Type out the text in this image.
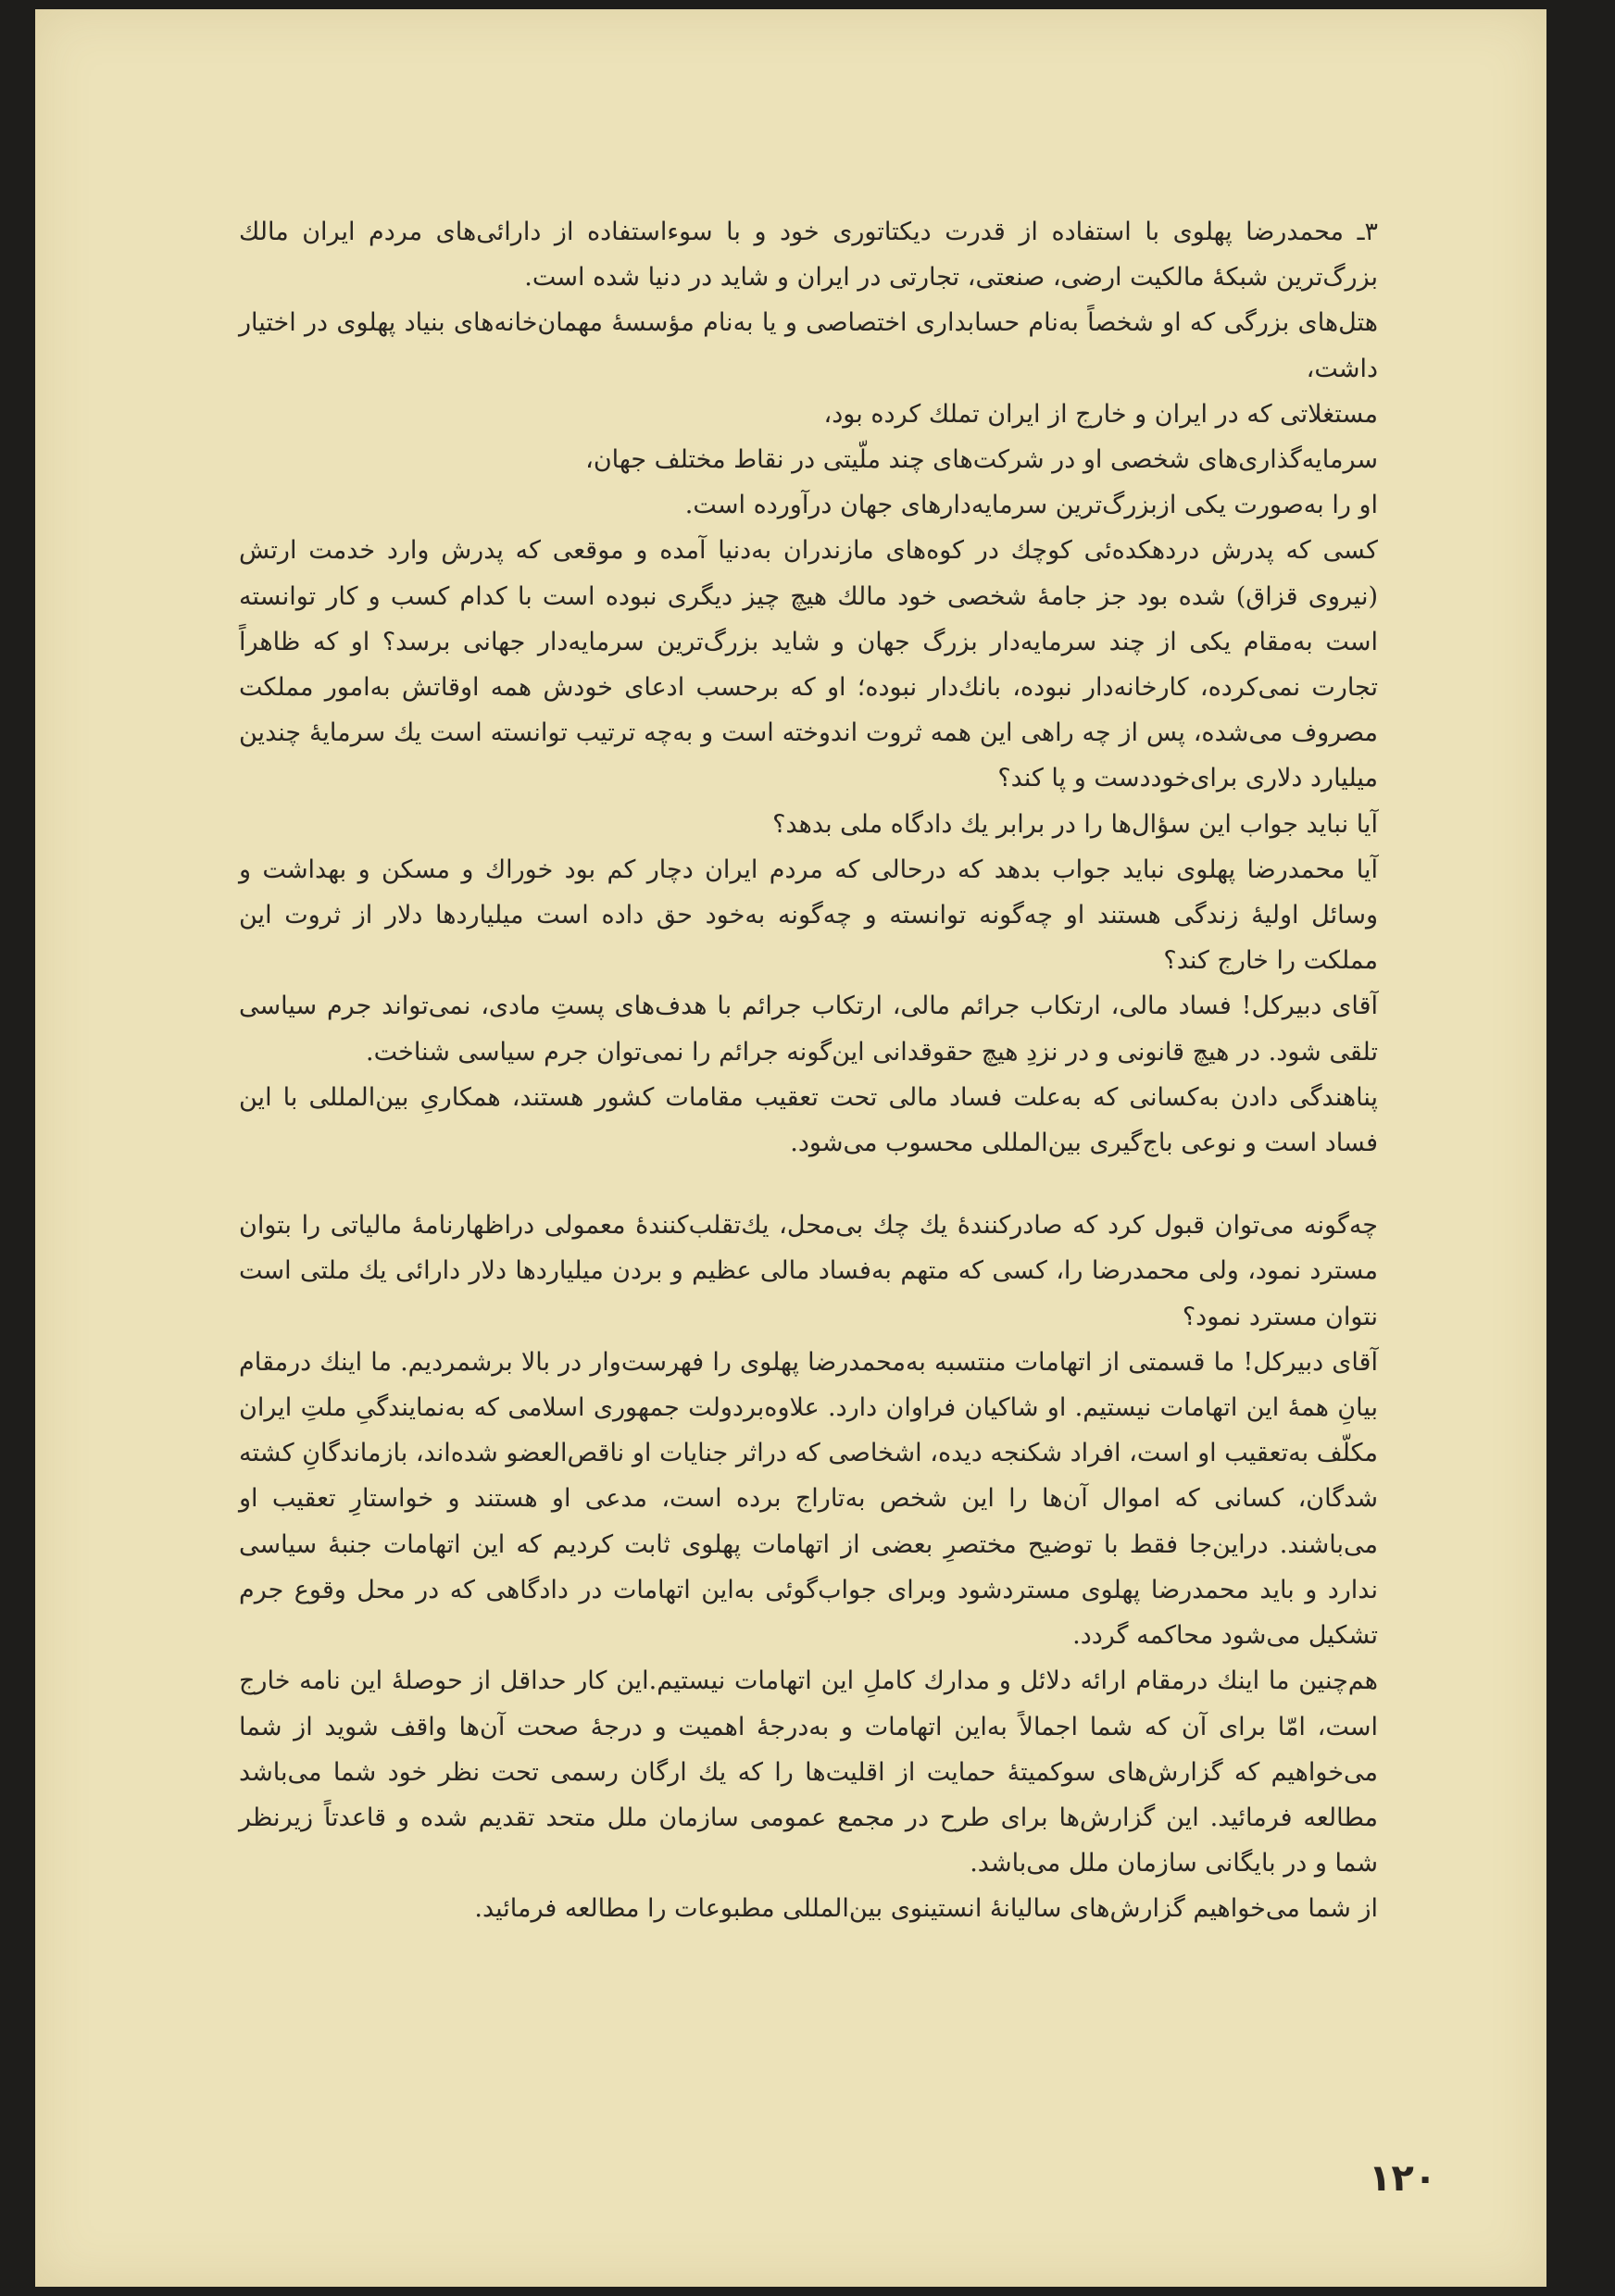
۳ـ محمدرضا پهلوی با استفاده از قدرت دیکتاتوری خود و با سوءاستفاده از دارائی‌های مردم ایران مالك بزرگ‌ترین شبکهٔ مالکیت ارضی، صنعتی، تجارتی در ایران و شاید در دنیا شده است.

هتل‌های بزرگی که او شخصاً به‌نام حسابداری اختصاصی و یا به‌نام مؤسسهٔ مهمان‌خانه‌های بنیاد پهلوی در اختیار داشت،

مستغلاتی که در ایران و خارج از ایران تملك کرده بود،

سرمایه‌گذاری‌های شخصی او در شرکت‌های چند ملّیتی در نقاط مختلف جهان،

او را به‌صورت یکی ازبزرگ‌ترین سرمایه‌دارهای جهان درآورده است.

کسی که پدرش دردهکده‌ئی کوچك در کوه‌های مازندران به‌دنیا آمده و موقعی که پدرش وارد خدمت ارتش (نیروی قزاق) شده بود جز جامهٔ شخصی خود مالك هیچ چیز دیگری نبوده است با کدام کسب و کار توانسته است به‌مقام یکی از چند سرمایه‌دار بزرگ جهان و شاید بزرگ‌ترین سرمایه‌دار جهانی برسد؟ او که ظاهراً تجارت نمی‌کرده، کارخانه‌دار نبوده، بانك‌دار نبوده؛ او که برحسب ادعای خودش همه اوقاتش به‌امور مملکت مصروف می‌شده، پس از چه راهی این همه ثروت اندوخته است و به‌چه ترتیب توانسته است یك سرمایهٔ چندین میلیارد دلاری برای‌خوددست و پا کند؟

آیا نباید جواب این سؤال‌ها را در برابر یك دادگاه ملی بدهد؟

آیا محمدرضا پهلوی نباید جواب بدهد که درحالی که مردم ایران دچار کم بود خوراك و مسکن و بهداشت و وسائل اولیهٔ زندگی هستند او چه‌گونه توانسته و چه‌گونه به‌خود حق داده است میلیاردها دلار از ثروت این مملکت را خارج کند؟

آقای دبیرکل! فساد مالی، ارتکاب جرائم مالی، ارتکاب جرائم با هدف‌های پستِ مادی، نمی‌تواند جرم سیاسی تلقی شود. در هیچ قانونی و در نزدِ هیچ حقوقدانی این‌گونه جرائم را نمی‌توان جرم سیاسی شناخت.

پناهندگی دادن به‌کسانی که به‌علت فساد مالی تحت تعقیب مقامات کشور هستند، همکاریِ بین‌المللی با این فساد است و نوعی باج‌گیری بین‌المللی محسوب می‌شود.

چه‌گونه می‌توان قبول کرد که صادرکنندهٔ یك چك بی‌محل، یك‌تقلب‌کنندهٔ معمولی دراظهارنامهٔ مالیاتی را بتوان مسترد نمود، ولی محمدرضا را، کسی که متهم به‌فساد مالی عظیم و بردن میلیاردها دلار دارائی یك ملتی است نتوان مسترد نمود؟

آقای دبیرکل! ما قسمتی از اتهامات منتسبه به‌محمدرضا پهلوی را فهرست‌وار در بالا برشمردیم. ما اینك درمقام بیانِ همهٔ این اتهامات نیستیم. او شاکیان فراوان دارد. علاوه‌بردولت جمهوری اسلامی که به‌نمایندگیِ ملتِ ایران مکلّف به‌تعقیب او است، افراد شکنجه دیده، اشخاصی که دراثر جنایات او ناقص‌العضو شده‌اند، بازماندگانِ کشته شدگان، کسانی که اموال آن‌ها را این شخص به‌تاراج برده است، مدعی او هستند و خواستارِ تعقیب او می‌باشند. دراین‌جا فقط با توضیح مختصرِ بعضی از اتهامات پهلوی ثابت کردیم که این اتهامات جنبهٔ سیاسی ندارد و باید محمدرضا پهلوی مستردشود وبرای جواب‌گوئی به‌این اتهامات در دادگاهی که در محل وقوع جرم تشکیل می‌شود محاکمه گردد.

هم‌چنین ما اینك درمقام ارائه دلائل و مدارك کاملِ این اتهامات نیستیم.این کار حداقل از حوصلهٔ این نامه خارج است، امّا برای آن که شما اجمالاً به‌این اتهامات و به‌درجهٔ اهمیت و درجهٔ صحت آن‌ها واقف شوید از شما می‌خواهیم که گزارش‌های سوکمیتهٔ حمایت از اقلیت‌ها را که یك ارگان رسمی تحت نظر خود شما می‌باشد مطالعه فرمائید. این گزارش‌ها برای طرح در مجمع عمومی سازمان ملل متحد تقدیم شده و قاعدتاً زیرنظر شما و در بایگانی سازمان ملل می‌باشد.

از شما می‌خواهیم گزارش‌های سالیانهٔ انستینوی بین‌المللی مطبوعات را مطالعه فرمائید.

۱۲۰
